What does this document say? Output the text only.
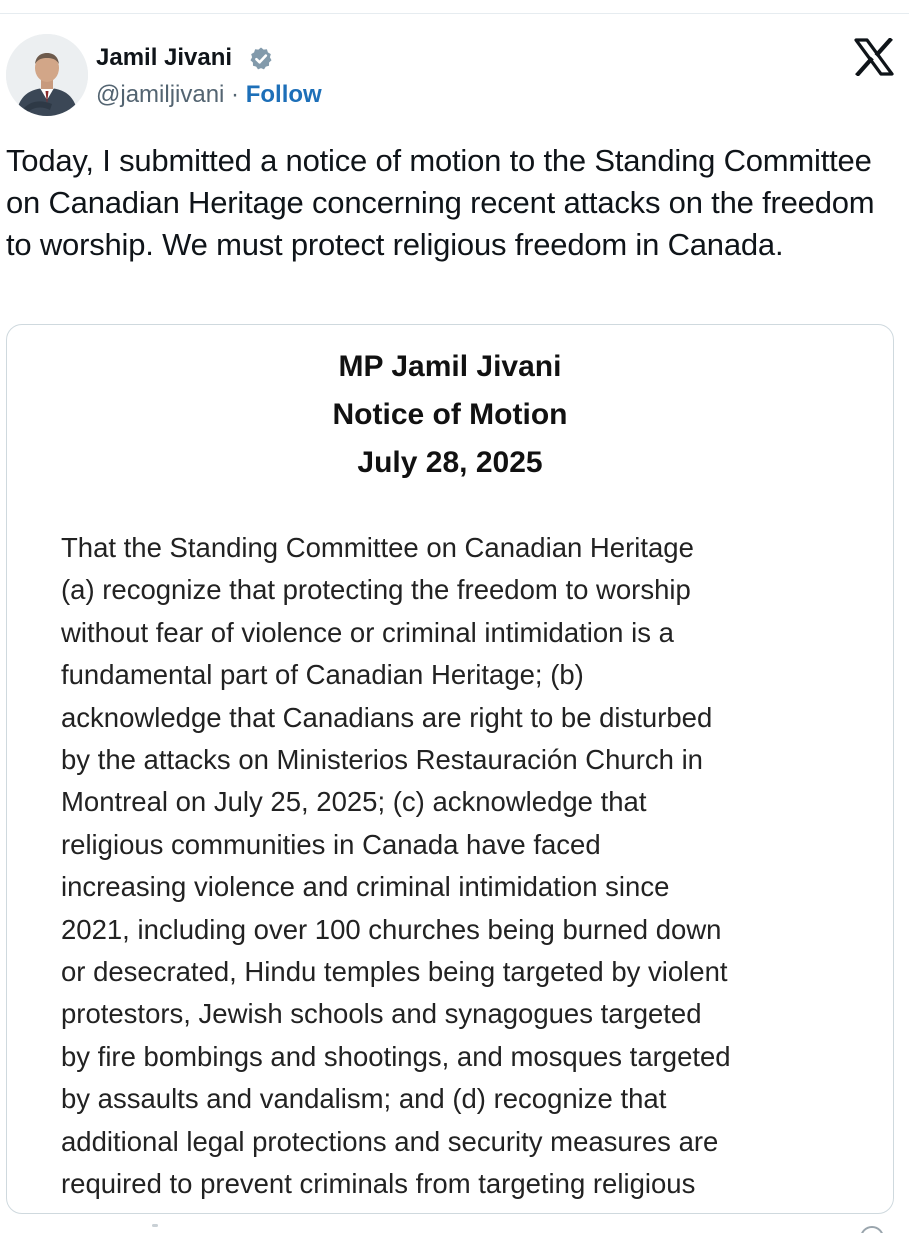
Jamil Jivani
@jamiljivani · Follow
Today, I submitted a notice of motion to the Standing Committee on Canadian Heritage concerning recent attacks on the freedom to worship. We must protect religious freedom in Canada.
MP Jamil Jivani
Notice of Motion
July 28, 2025
That the Standing Committee on Canadian Heritage
(a) recognize that protecting the freedom to worship
without fear of violence or criminal intimidation is a
fundamental part of Canadian Heritage; (b)
acknowledge that Canadians are right to be disturbed
by the attacks on Ministerios Restauración Church in
Montreal on July 25, 2025; (c) acknowledge that
religious communities in Canada have faced
increasing violence and criminal intimidation since
2021, including over 100 churches being burned down
or desecrated, Hindu temples being targeted by violent
protestors, Jewish schools and synagogues targeted
by fire bombings and shootings, and mosques targeted
by assaults and vandalism; and (d) recognize that
additional legal protections and security measures are
required to prevent criminals from targeting religious
